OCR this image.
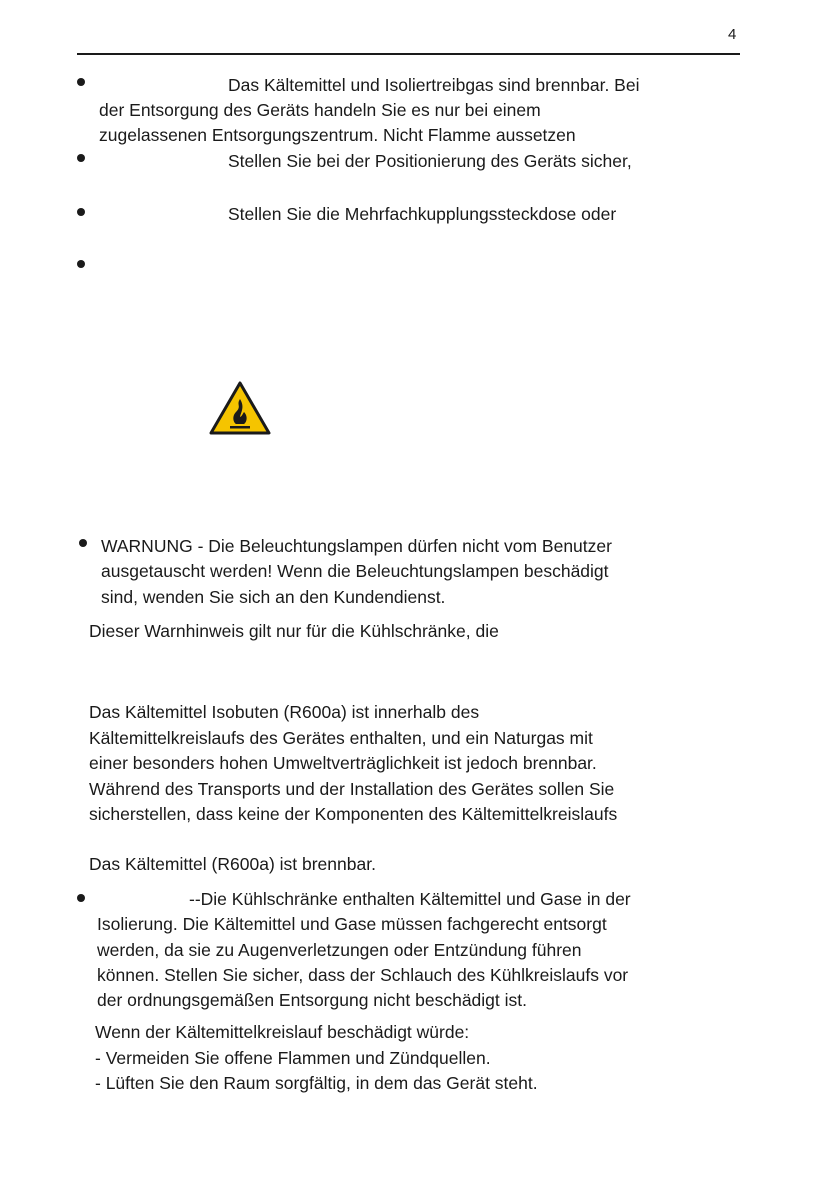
4
Das Kältemittel und Isoliertreibgas sind brennbar. Bei
der Entsorgung des Geräts handeln Sie es nur bei einem
zugelassenen Entsorgungszentrum. Nicht Flamme aussetzen
Stellen Sie bei der Positionierung des Geräts sicher,
Stellen Sie die Mehrfachkupplungssteckdose oder
WARNUNG - Die Beleuchtungslampen dürfen nicht vom Benutzer
ausgetauscht werden! Wenn die Beleuchtungslampen beschädigt
sind, wenden Sie sich an den Kundendienst.
Dieser Warnhinweis gilt nur für die Kühlschränke, die
Das Kältemittel Isobuten (R600a) ist innerhalb des
Kältemittelkreislaufs des Gerätes enthalten, und ein Naturgas mit
einer besonders hohen Umweltverträglichkeit ist jedoch brennbar.
Während des Transports und der Installation des Gerätes sollen Sie
sicherstellen, dass keine der Komponenten des Kältemittelkreislaufs
Das Kältemittel (R600a) ist brennbar.
--Die Kühlschränke enthalten Kältemittel und Gase in der
Isolierung. Die Kältemittel und Gase müssen fachgerecht entsorgt
werden, da sie zu Augenverletzungen oder Entzündung führen
können. Stellen Sie sicher, dass der Schlauch des Kühlkreislaufs vor
der ordnungsgemäßen Entsorgung nicht beschädigt ist.
Wenn der Kältemittelkreislauf beschädigt würde:
- Vermeiden Sie offene Flammen und Zündquellen.
- Lüften Sie den Raum sorgfältig, in dem das Gerät steht.
